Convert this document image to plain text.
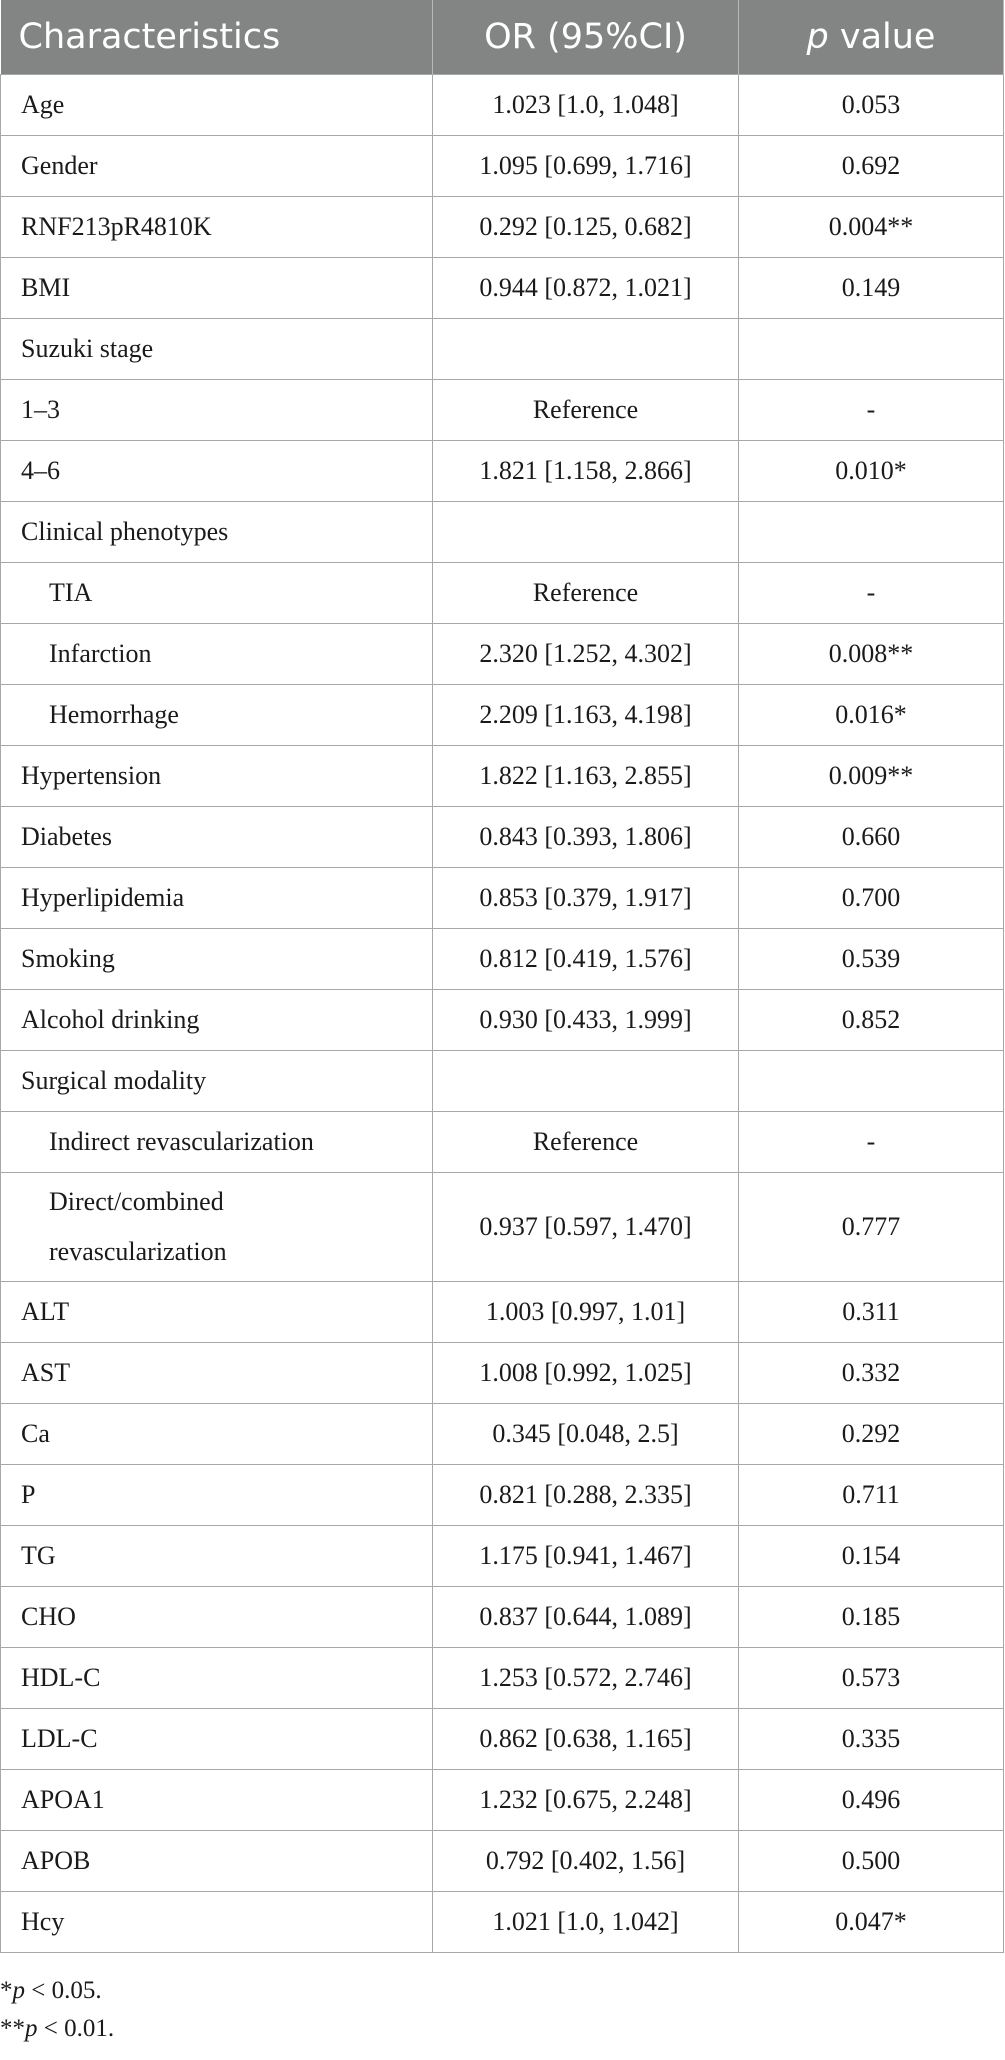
Characteristics	OR (95%CI)	p value
Age	1.023 [1.0, 1.048]	0.053
Gender	1.095 [0.699, 1.716]	0.692
RNF213pR4810K	0.292 [0.125, 0.682]	0.004**
BMI	0.944 [0.872, 1.021]	0.149
Suzuki stage		
1–3	Reference	-
4–6	1.821 [1.158, 2.866]	0.010*
Clinical phenotypes		
TIA	Reference	-
Infarction	2.320 [1.252, 4.302]	0.008**
Hemorrhage	2.209 [1.163, 4.198]	0.016*
Hypertension	1.822 [1.163, 2.855]	0.009**
Diabetes	0.843 [0.393, 1.806]	0.660
Hyperlipidemia	0.853 [0.379, 1.917]	0.700
Smoking	0.812 [0.419, 1.576]	0.539
Alcohol drinking	0.930 [0.433, 1.999]	0.852
Surgical modality		
Indirect revascularization	Reference	-

Direct/combined
revascularization	0.937 [0.597, 1.470]	0.777
ALT	1.003 [0.997, 1.01]	0.311
AST	1.008 [0.992, 1.025]	0.332
Ca	0.345 [0.048, 2.5]	0.292
P	0.821 [0.288, 2.335]	0.711
TG	1.175 [0.941, 1.467]	0.154
CHO	0.837 [0.644, 1.089]	0.185
HDL-C	1.253 [0.572, 2.746]	0.573
LDL-C	0.862 [0.638, 1.165]	0.335
APOA1	1.232 [0.675, 2.248]	0.496
APOB	0.792 [0.402, 1.56]	0.500
Hcy	1.021 [1.0, 1.042]	0.047*
*p < 0.05.
**p < 0.01.
